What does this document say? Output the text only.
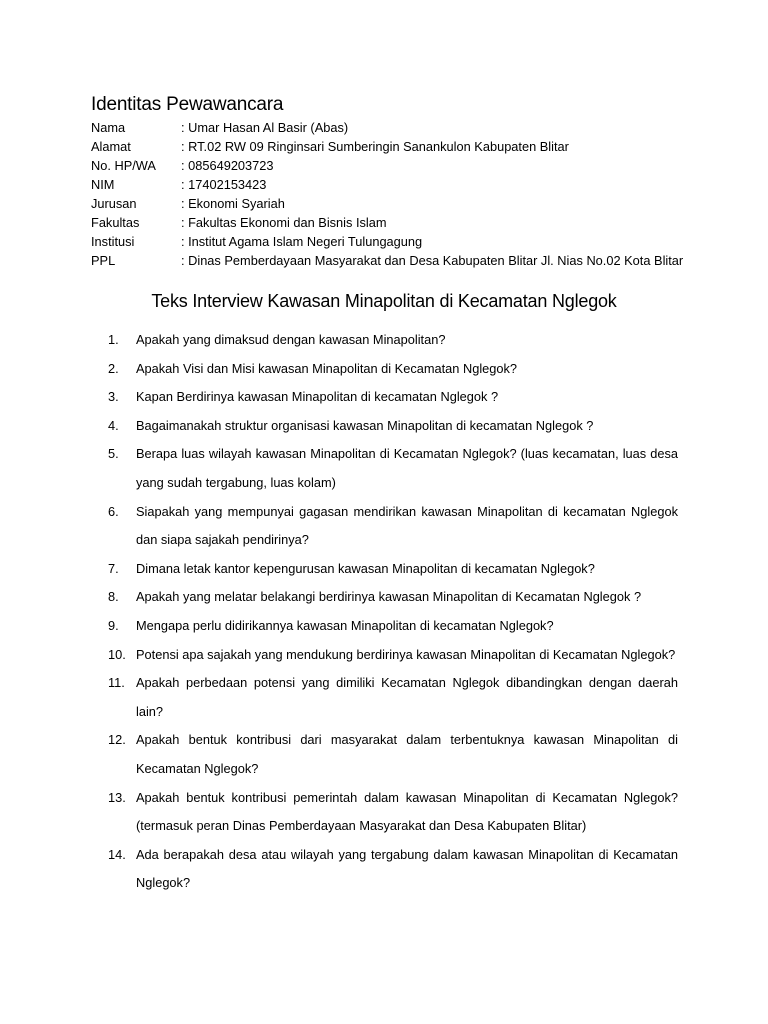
Identitas Pewawancara
Nama	: Umar Hasan Al Basir (Abas)
Alamat	: RT.02 RW 09 Ringinsari Sumberingin Sanankulon Kabupaten Blitar
No. HP/WA	: 085649203723
NIM	: 17402153423
Jurusan	: Ekonomi Syariah
Fakultas	: Fakultas Ekonomi dan Bisnis Islam
Institusi	: Institut Agama Islam Negeri Tulungagung
PPL	: Dinas Pemberdayaan Masyarakat dan Desa Kabupaten Blitar Jl. Nias No.02 Kota Blitar
Teks Interview Kawasan Minapolitan di Kecamatan Nglegok
1.	Apakah yang dimaksud dengan kawasan Minapolitan?
2.	Apakah Visi dan Misi kawasan Minapolitan di Kecamatan Nglegok?
3.	Kapan Berdirinya kawasan Minapolitan di kecamatan Nglegok ?
4.	Bagaimanakah struktur organisasi kawasan Minapolitan di kecamatan Nglegok ?
5.	Berapa luas wilayah kawasan Minapolitan di Kecamatan Nglegok? (luas kecamatan, luas desa yang sudah tergabung, luas kolam)
6.	Siapakah yang mempunyai gagasan mendirikan kawasan Minapolitan di kecamatan Nglegok dan siapa sajakah pendirinya?
7.	Dimana letak kantor kepengurusan kawasan Minapolitan di kecamatan Nglegok?
8.	Apakah yang melatar belakangi berdirinya kawasan Minapolitan di Kecamatan Nglegok ?
9.	Mengapa perlu didirikannya kawasan Minapolitan di kecamatan Nglegok?
10. Potensi apa sajakah yang mendukung berdirinya kawasan Minapolitan di Kecamatan Nglegok?
11. Apakah perbedaan potensi yang dimiliki Kecamatan Nglegok dibandingkan dengan daerah lain?
12. Apakah bentuk kontribusi dari masyarakat dalam terbentuknya kawasan Minapolitan di Kecamatan Nglegok?
13. Apakah bentuk kontribusi pemerintah dalam kawasan Minapolitan di Kecamatan Nglegok? (termasuk peran Dinas Pemberdayaan Masyarakat dan Desa Kabupaten Blitar)
14. Ada berapakah desa atau wilayah yang tergabung dalam kawasan Minapolitan di Kecamatan Nglegok?
